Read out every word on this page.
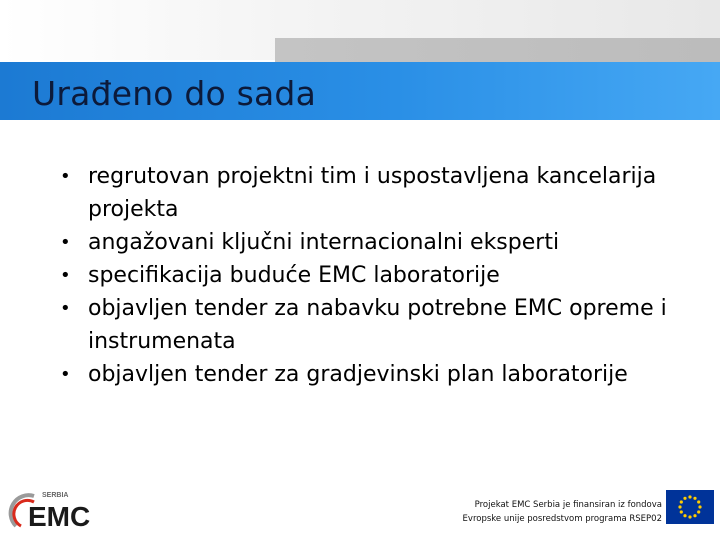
Urađeno do sada
• regrutovan projektni tim i uspostavljena kancelarija projekta
• angažovani ključni internacionalni eksperti
• specifikacija buduće EMC laboratorije
• objavljen tender za nabavku potrebne EMC opreme i instrumenata
• objavljen tender za gradjevinski plan laboratorije
SERBIA
EMC	Projekat EMC Serbia je finansiran iz fondova
Evropske unije posredstvom programa RSEP02
